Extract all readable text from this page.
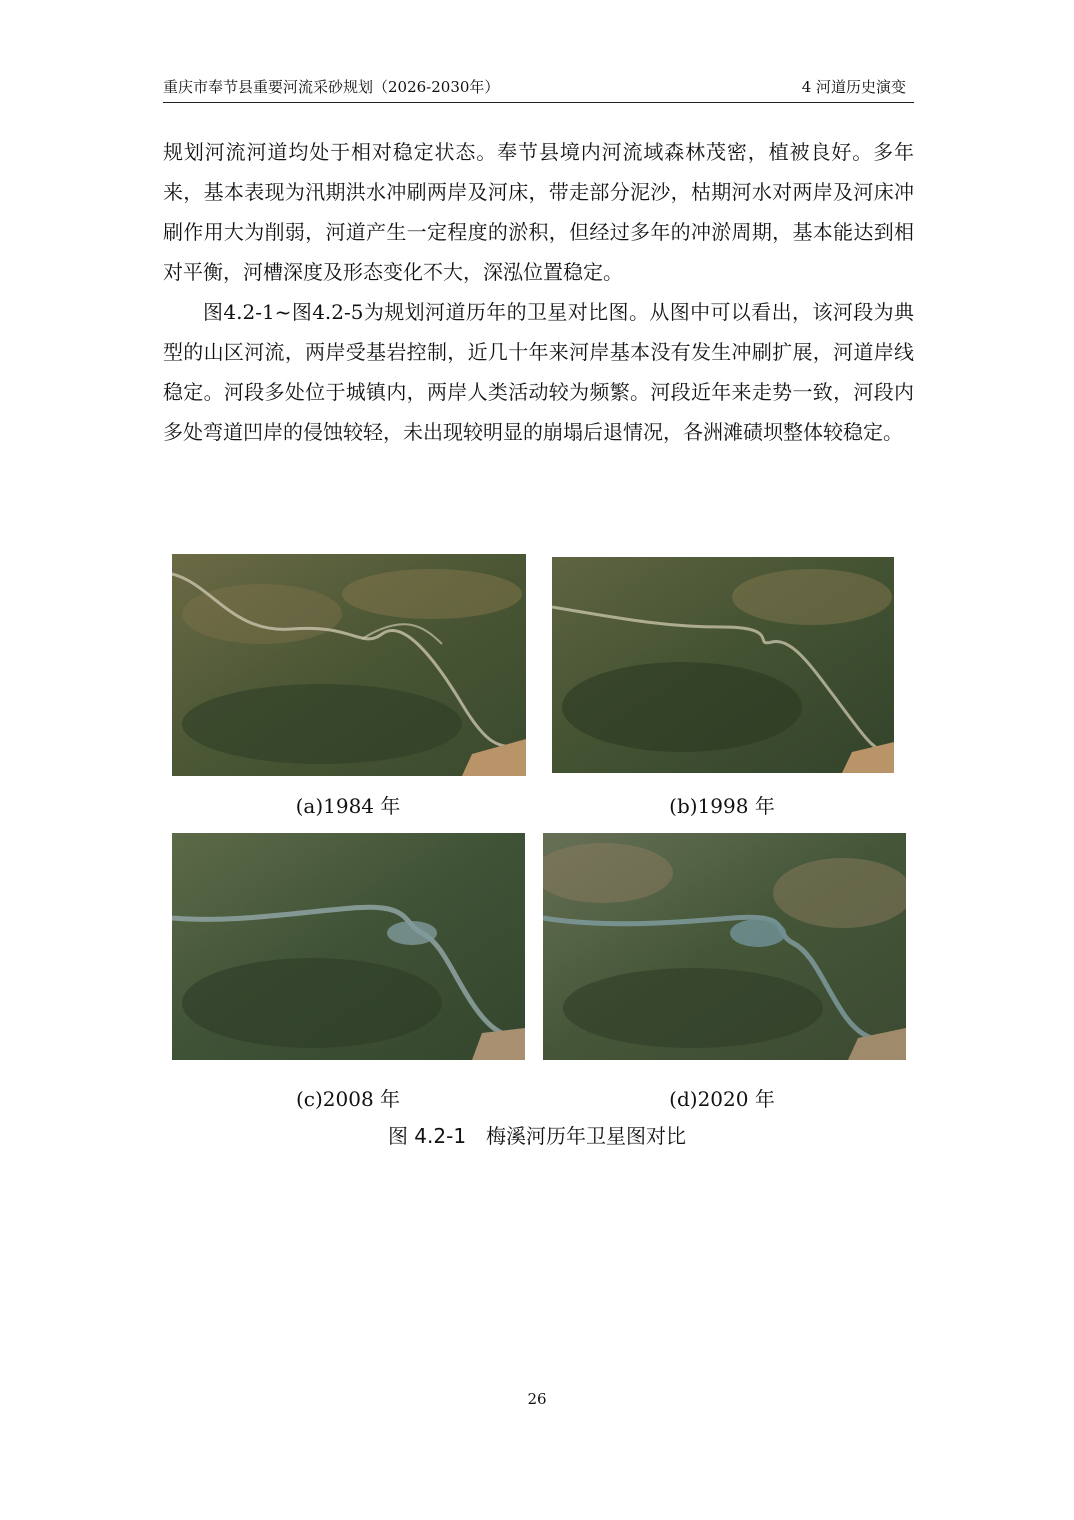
重庆市奉节县重要河流采砂规划（2026-2030年）	4 河道历史演变

规划河流河道均处于相对稳定状态。奉节县境内河流域森林茂密，植被良好。多年来，基本表现为汛期洪水冲刷两岸及河床，带走部分泥沙，枯期河水对两岸及河床冲刷作用大为削弱，河道产生一定程度的淤积，但经过多年的冲淤周期，基本能达到相对平衡，河槽深度及形态变化不大，深泓位置稳定。

图4.2-1~图4.2-5为规划河道历年的卫星对比图。从图中可以看出，该河段为典型的山区河流，两岸受基岩控制，近几十年来河岸基本没有发生冲刷扩展，河道岸线稳定。河段多处位于城镇内，两岸人类活动较为频繁。河段近年来走势一致，河段内多处弯道凹岸的侵蚀较轻，未出现较明显的崩塌后退情况，各洲滩碛坝整体较稳定。

(a)1984 年	(b)1998 年
(c)2008 年	(d)2020 年
图 4.2-1　梅溪河历年卫星图对比
26
